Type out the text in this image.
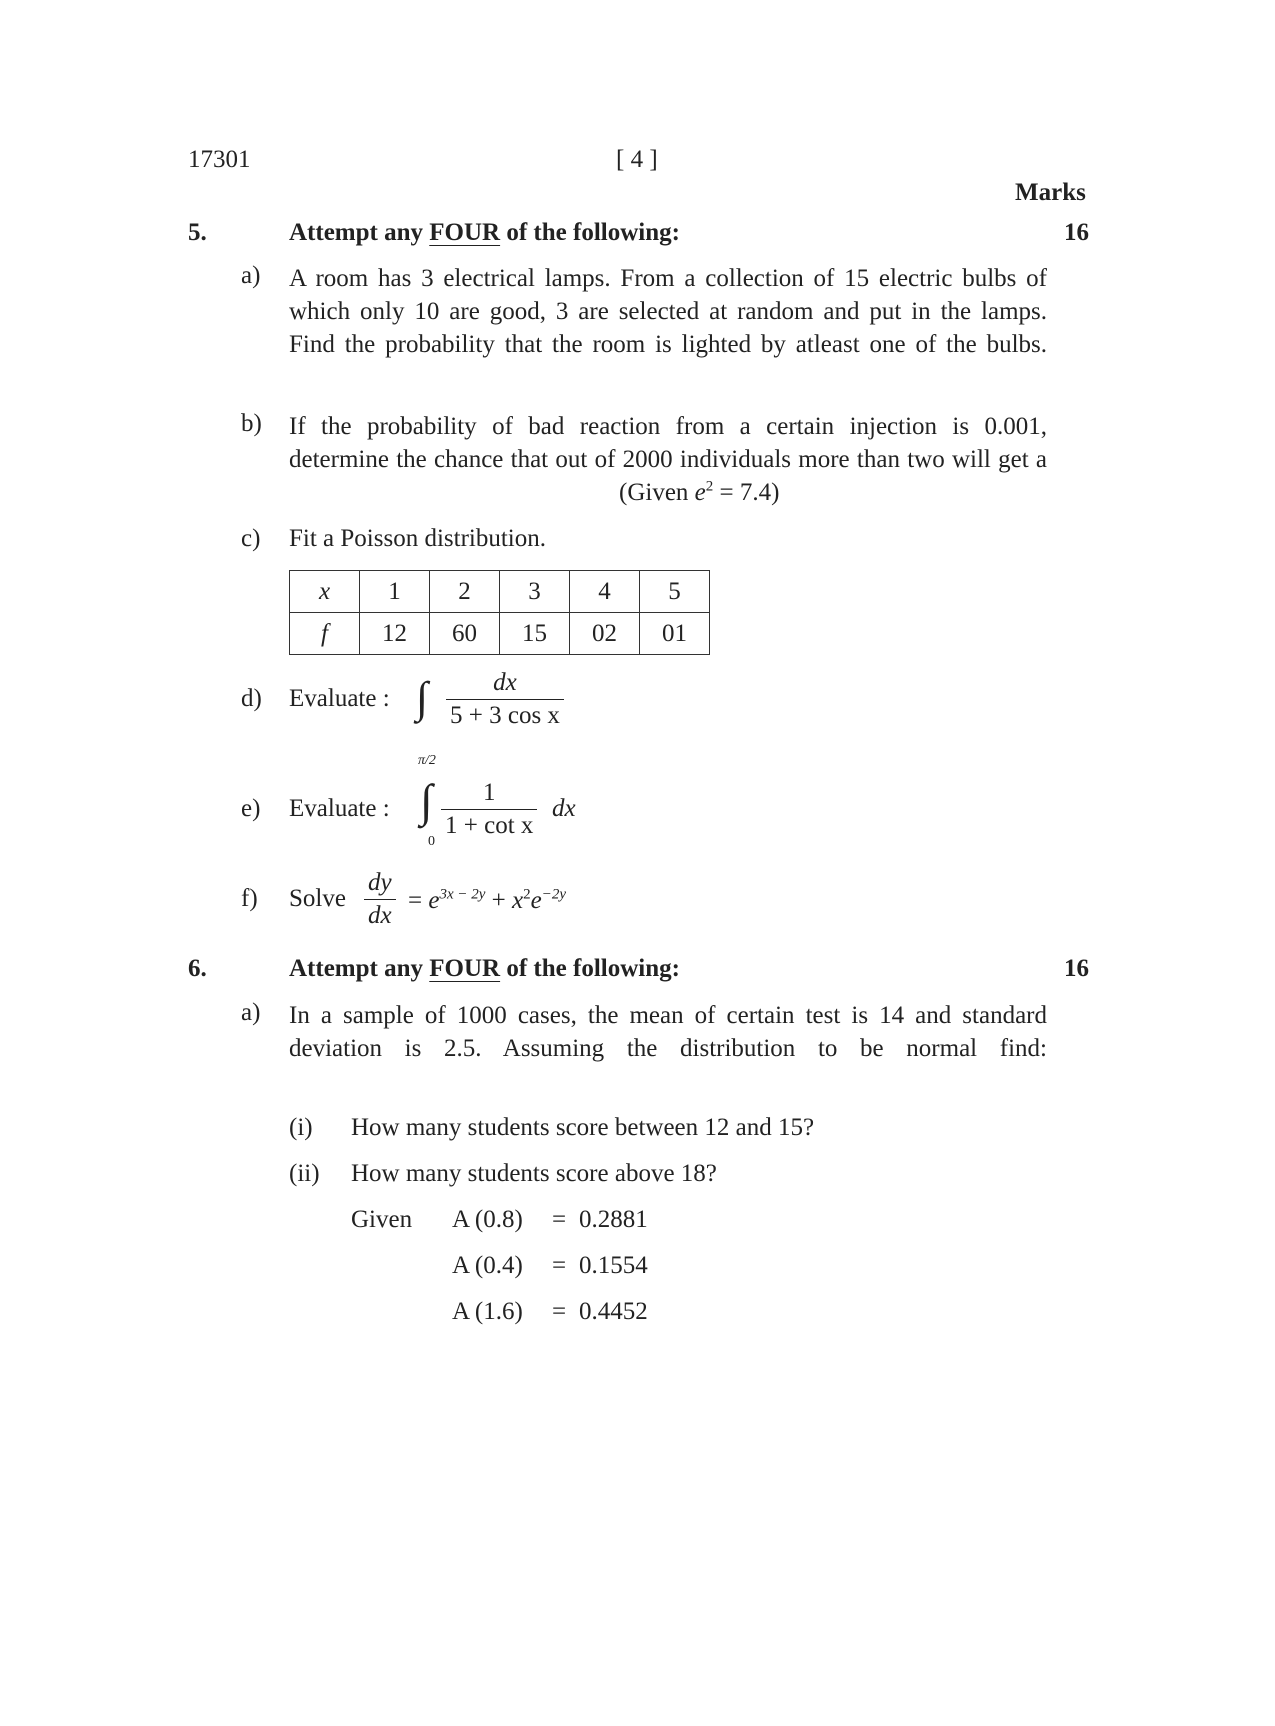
17301	[ 4 ]
Marks
5.	Attempt any FOUR of the following:	16
a) A room has 3 electrical lamps. From a collection of 15 electric bulbs of which only 10 are good, 3 are selected at random and put in the lamps. Find the probability that the room is lighted by atleast one of the bulbs.
b) If the probability of bad reaction from a certain injection is 0.001, determine the chance that out of 2000 individuals more than two will get a
(Given $e^2 = 7.4$)
c) Fit a Poisson distribution.
x	1	2	3	4	5
f	12	60	15	02	01
d) Evaluate : ∫ $\frac{dx}{\text{5 + 3 cos x}}$
e) Evaluate :
π/2
∫
0
$\frac{1}{\text{1 + cot x}}$ dx
f) Solve $\frac{dy}{dx} = e^{3x - 2y} + x^2e^{-2y}$
6.	Attempt any FOUR of the following:	16
a) In a sample of 1000 cases, the mean of certain test is 14 and standard deviation is 2.5. Assuming the distribution to be normal find:
(i) How many students score between 12 and 15?
(ii) How many students score above 18?
Given A (0.8) = 0.2881
A (0.4) = 0.1554
A (1.6) = 0.4452
